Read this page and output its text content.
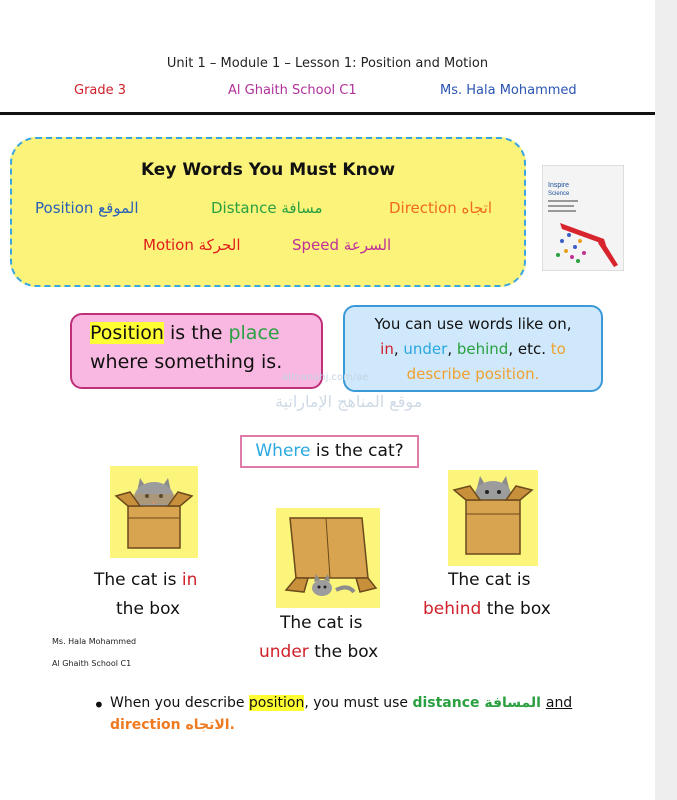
Unit 1 – Module 1 – Lesson 1: Position and Motion
Grade 3	Al Ghaith School C1	Ms. Hala Mohammed
Key Words You Must Know
Position الموقع	Distance مسافة	Direction اتجاه
Motion الحركة	Speed السرعة
Inspire
Science
Position is the place
where something is.
You can use words like on,
in, under, behind, etc. to
describe position.
almanahj.com/ae
موقع المناهج الإماراتية
Where is the cat?
The cat is in
the box
The cat is
under the box
The cat is
behind the box
Ms. Hala Mohammed
Al Ghaith School C1
• When you describe position, you must use distance المسافة and
direction الاتجاه.
